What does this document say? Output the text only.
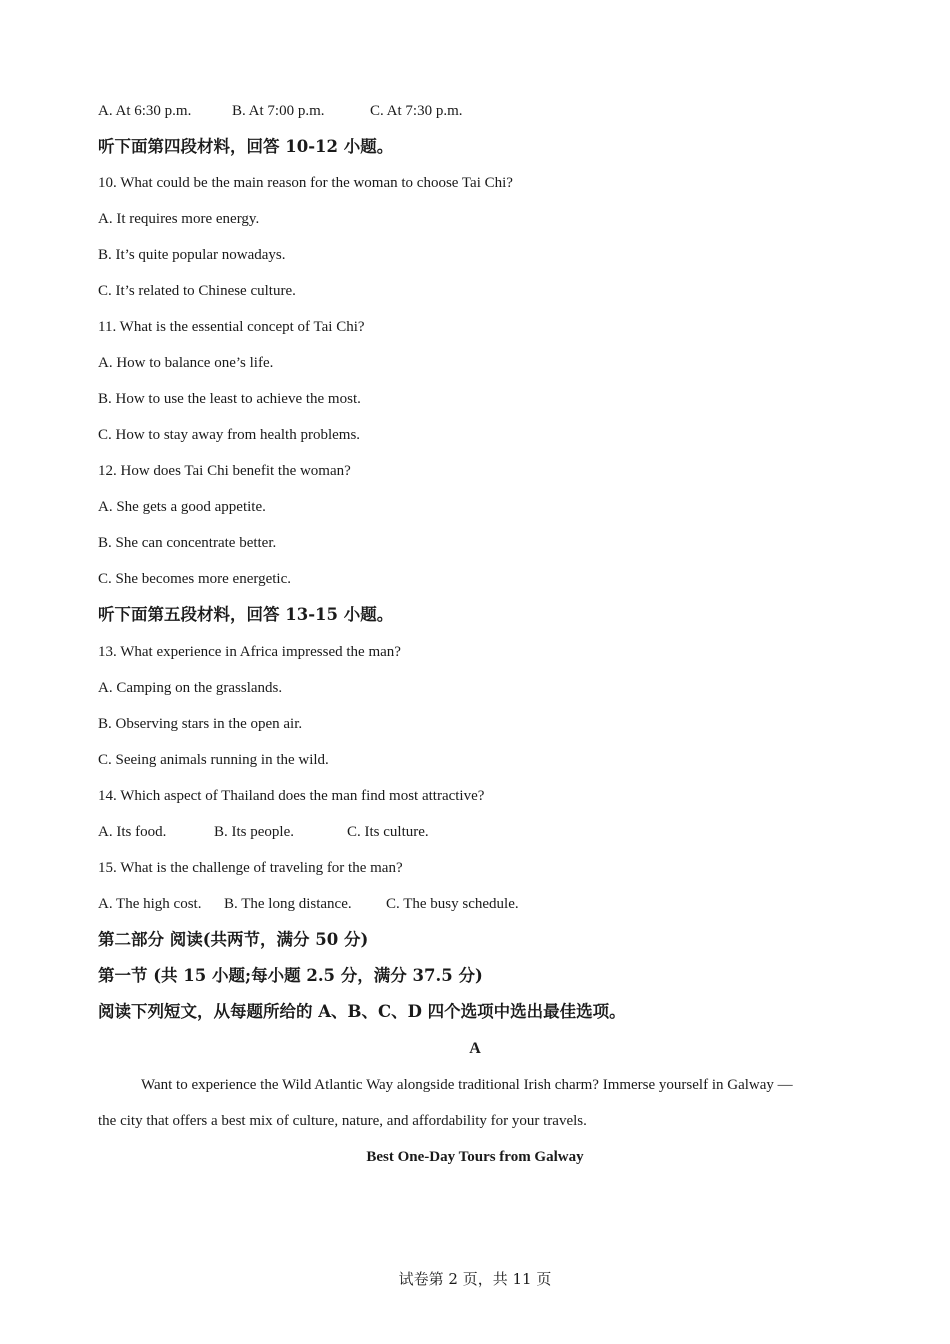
A. At 6:30 p.m.	B. At 7:00 p.m.	C. At 7:30 p.m.
听下面第四段材料，回答 10-12 小题。
10. What could be the main reason for the woman to choose Tai Chi?
A. It requires more energy.
B. It’s quite popular nowadays.
C. It’s related to Chinese culture.
11. What is the essential concept of Tai Chi?
A. How to balance one’s life.
B. How to use the least to achieve the most.
C. How to stay away from health problems.
12. How does Tai Chi benefit the woman?
A. She gets a good appetite.
B. She can concentrate better.
C. She becomes more energetic.
听下面第五段材料，回答 13-15 小题。
13. What experience in Africa impressed the man?
A. Camping on the grasslands.
B. Observing stars in the open air.
C. Seeing animals running in the wild.
14. Which aspect of Thailand does the man find most attractive?
A. Its food.	B. Its people.	C. Its culture.
15. What is the challenge of traveling for the man?
A. The high cost. B. The long distance. C. The busy schedule.
第二部分 阅读(共两节，满分 50 分)
第一节 (共 15 小题;每小题 2.5 分，满分 37.5 分)
阅读下列短文，从每题所给的 A、B、C、D 四个选项中选出最佳选项。
A
Want to experience the Wild Atlantic Way alongside traditional Irish charm? Immerse yourself in Galway —
the city that offers a best mix of culture, nature, and affordability for your travels.
Best One-Day Tours from Galway
试卷第 2 页，共 11 页
